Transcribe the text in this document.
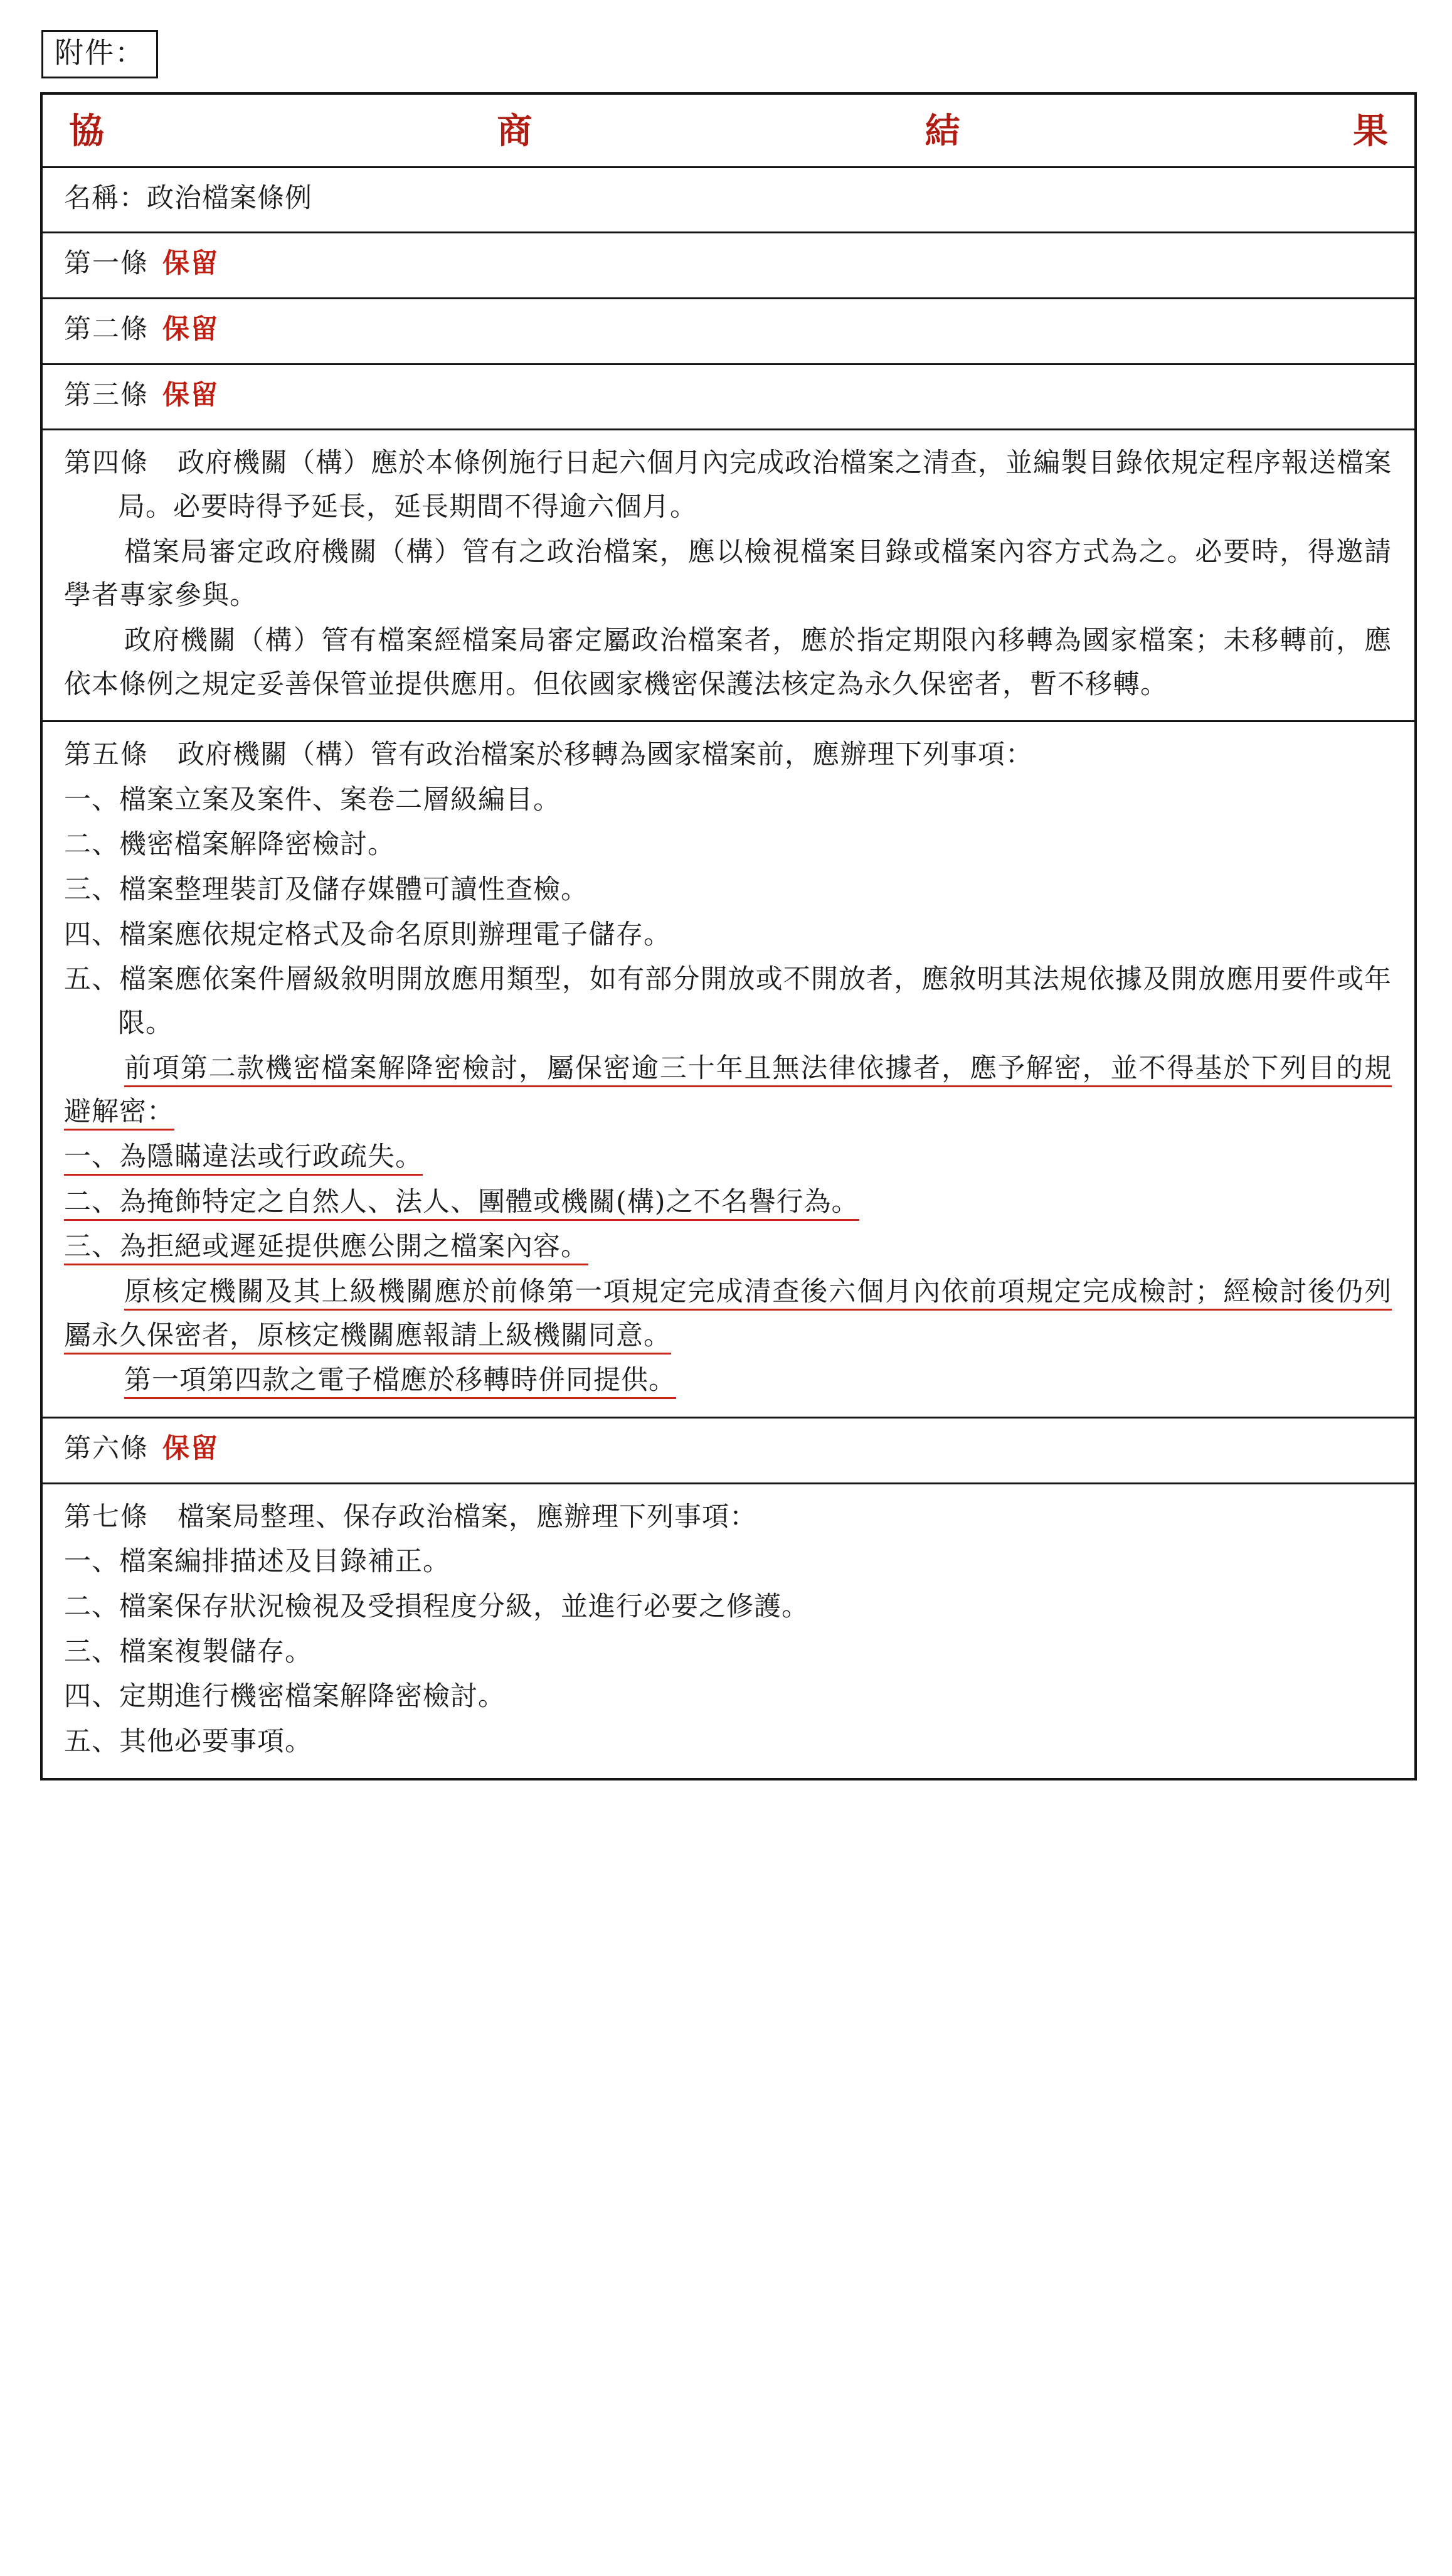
附件：
協	商	結	果

名稱：政治檔案條例

第一條 保留

第二條 保留

第三條 保留

第四條 政府機關（構）應於本條例施行日起六個月內完成政治檔案之清查，並編製目錄依規定程序報送檔案局。必要時得予延長，延長期間不得逾六個月。
檔案局審定政府機關（構）管有之政治檔案，應以檢視檔案目錄或檔案內容方式為之。必要時，得邀請學者專家參與。
政府機關（構）管有檔案經檔案局審定屬政治檔案者，應於指定期限內移轉為國家檔案；未移轉前，應依本條例之規定妥善保管並提供應用。但依國家機密保護法核定為永久保密者，暫不移轉。

第五條 政府機關（構）管有政治檔案於移轉為國家檔案前，應辦理下列事項：
一、檔案立案及案件、案卷二層級編目。
二、機密檔案解降密檢討。
三、檔案整理裝訂及儲存媒體可讀性查檢。
四、檔案應依規定格式及命名原則辦理電子儲存。
五、檔案應依案件層級敘明開放應用類型，如有部分開放或不開放者，應敘明其法規依據及開放應用要件或年限。
前項第二款機密檔案解降密檢討，屬保密逾三十年且無法律依據者，應予解密，並不得基於下列目的規避解密：
一、為隱瞞違法或行政疏失。
二、為掩飾特定之自然人、法人、團體或機關(構)之不名譽行為。
三、為拒絕或遲延提供應公開之檔案內容。
原核定機關及其上級機關應於前條第一項規定完成清查後六個月內依前項規定完成檢討；經檢討後仍列屬永久保密者，原核定機關應報請上級機關同意。
第一項第四款之電子檔應於移轉時併同提供。

第六條 保留

第七條 檔案局整理、保存政治檔案，應辦理下列事項：
一、檔案編排描述及目錄補正。
二、檔案保存狀況檢視及受損程度分級，並進行必要之修護。
三、檔案複製儲存。
四、定期進行機密檔案解降密檢討。
五、其他必要事項。
